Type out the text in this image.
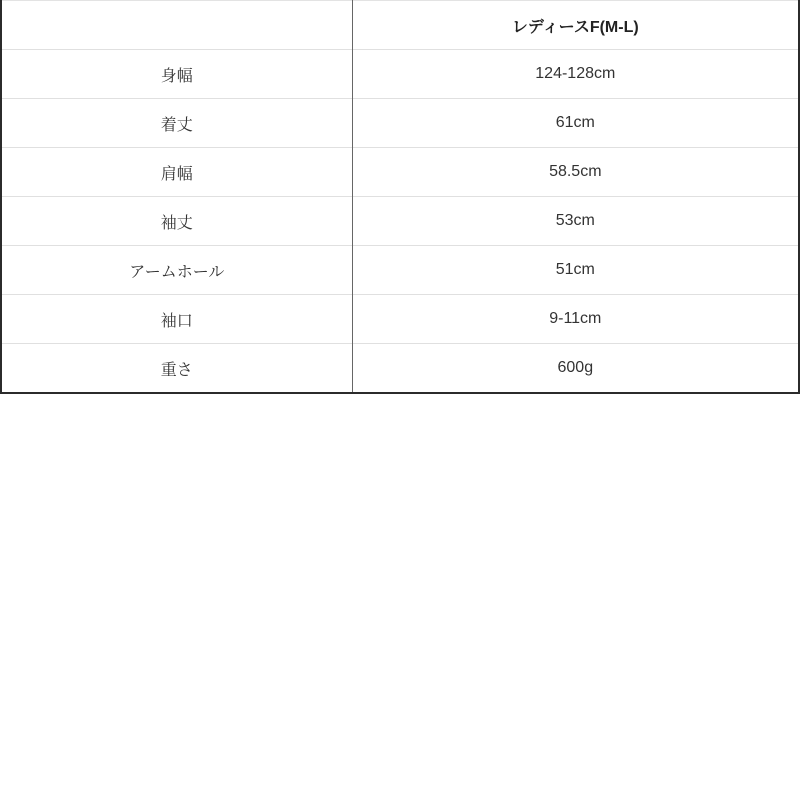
	レディースF(M-L)
身幅	124-128cm
着丈	61cm
肩幅	58.5cm
袖丈	53cm
アームホール	51cm
袖口	9-11cm
重さ	600g
